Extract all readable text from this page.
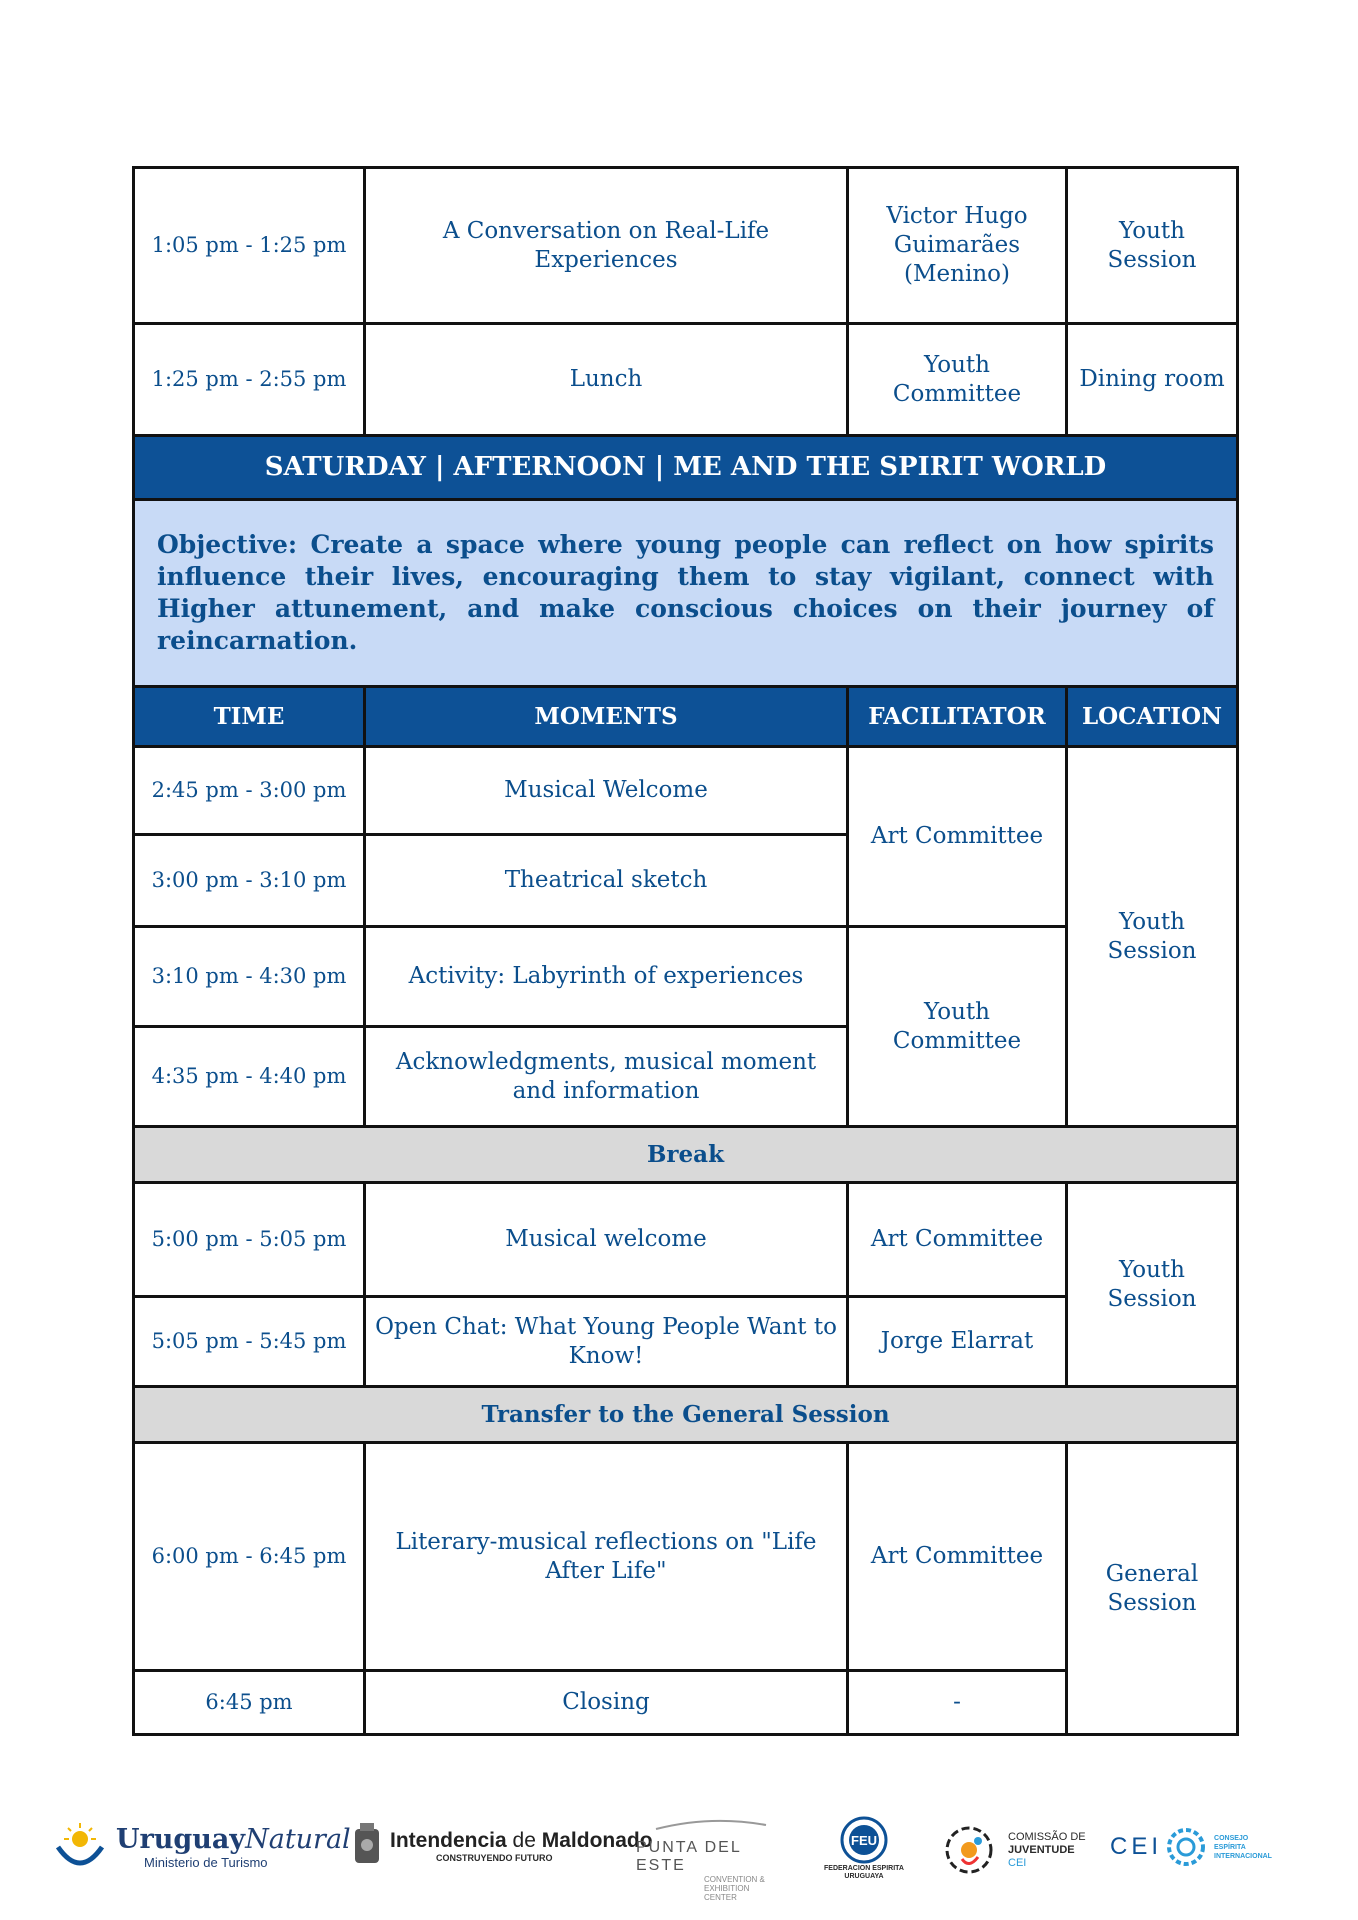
1:05 pm - 1:25 pm	A Conversation on Real-Life Experiences	Victor Hugo Guimarães (Menino)	Youth Session
1:25 pm - 2:55 pm	Lunch	Youth Committee	Dining room
SATURDAY | AFTERNOON | ME AND THE SPIRIT WORLD			
Objective: Create a space where young people can reflect on how spirits influence their lives, encouraging them to stay vigilant, connect with Higher attunement, and make conscious choices on their journey of reincarnation.			
TIME	MOMENTS	FACILITATOR	LOCATION
2:45 pm - 3:00 pm	Musical Welcome	Art Committee	Youth Session
3:00 pm - 3:10 pm	Theatrical sketch		
3:10 pm - 4:30 pm	Activity: Labyrinth of experiences	Youth Committee	
4:35 pm - 4:40 pm	Acknowledgments, musical moment and information		
Break			
5:00 pm - 5:05 pm	Musical welcome	Art Committee	Youth Session
5:05 pm - 5:45 pm	Open Chat: What Young People Want to Know!	Jorge Elarrat	
Transfer to the General Session			
6:00 pm - 6:45 pm	Literary-musical reflections on "Life After Life"	Art Committee	General Session
6:45 pm	Closing	-	
UruguayNatural
Ministerio de Turismo
Intendencia de Maldonado
CONSTRUYENDO FUTURO
PUNTA DEL ESTE
CONVENTION & EXHIBITION CENTER
FEU
FEDERACION ESPIRITA URUGUAYA
COMISSÃO DE
JUVENTUDE
CEI
CEI	CONSEJO
ESPÍRITA
INTERNACIONAL
